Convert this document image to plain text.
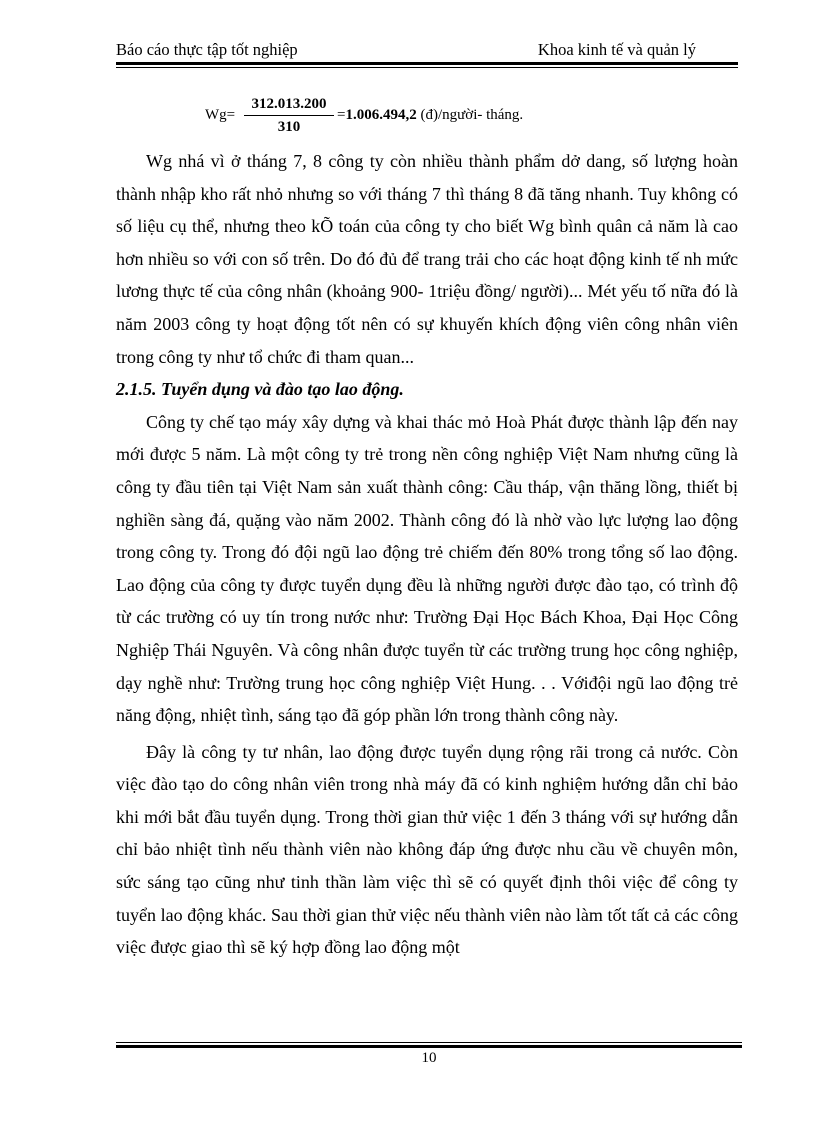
Báo cáo thực tập tốt nghiệp	Khoa kinh tế và quản lý
$Wg= \frac{312.013.200}{310} =1.006.494,2$ (đ)/người- tháng.

Wg nhá vì ở tháng 7, 8 công ty còn nhiều thành phẩm dở dang, số lượng hoàn thành nhập kho rất nhỏ nhưng so với tháng 7 thì tháng 8 đã tăng nhanh. Tuy không có số liệu cụ thể, nhưng theo kÕ toán của công ty cho biết Wg bình quân cả năm là cao hơn nhiều so với con số trên. Do đó đủ để trang trải cho các hoạt động kinh tế nh mức lương thực tế của công nhân (khoảng 900- 1triệu đồng/ người)... Mét yếu tố nữa đó là năm 2003 công ty hoạt động tốt nên có sự khuyến khích động viên công nhân viên trong công ty như tổ chức đi tham quan...

2.1.5. Tuyển dụng và đào tạo lao động.

Công ty chế tạo máy xây dựng và khai thác mỏ Hoà Phát được thành lập đến nay mới được 5 năm. Là một công ty trẻ trong nền công nghiệp Việt Nam nhưng cũng là công ty đầu tiên tại Việt Nam sản xuất thành công: Cầu tháp, vận thăng lồng, thiết bị nghiền sàng đá, quặng vào năm 2002. Thành công đó là nhờ vào lực lượng lao động trong công ty. Trong đó đội ngũ lao động trẻ chiếm đến 80% trong tổng số lao động. Lao động của công ty được tuyển dụng đều là những người được đào tạo, có trình độ từ các trường có uy tín trong nước như: Trường Đại Học Bách Khoa, Đại Học Công Nghiệp Thái Nguyên. Và công nhân được tuyển từ các trường trung học công nghiệp, dạy nghề như: Trường trung học công nghiệp Việt Hung. . . Vớiđội ngũ lao động trẻ năng động, nhiệt tình, sáng tạo đã góp phần lớn trong thành công này.

Đây là công ty tư nhân, lao động được tuyển dụng rộng rãi trong cả nước. Còn việc đào tạo do công nhân viên trong nhà máy đã có kinh nghiệm hướng dẫn chỉ bảo khi mới bắt đầu tuyển dụng. Trong thời gian thử việc 1 đến 3 tháng với sự hướng dẫn chỉ bảo nhiệt tình nếu thành viên nào không đáp ứng được nhu cầu về chuyên môn, sức sáng tạo cũng như tinh thần làm việc thì sẽ có quyết định thôi việc để công ty tuyển lao động khác. Sau thời gian thử việc nếu thành viên nào làm tốt tất cả các công việc được giao thì sẽ ký hợp đồng lao động một

10
